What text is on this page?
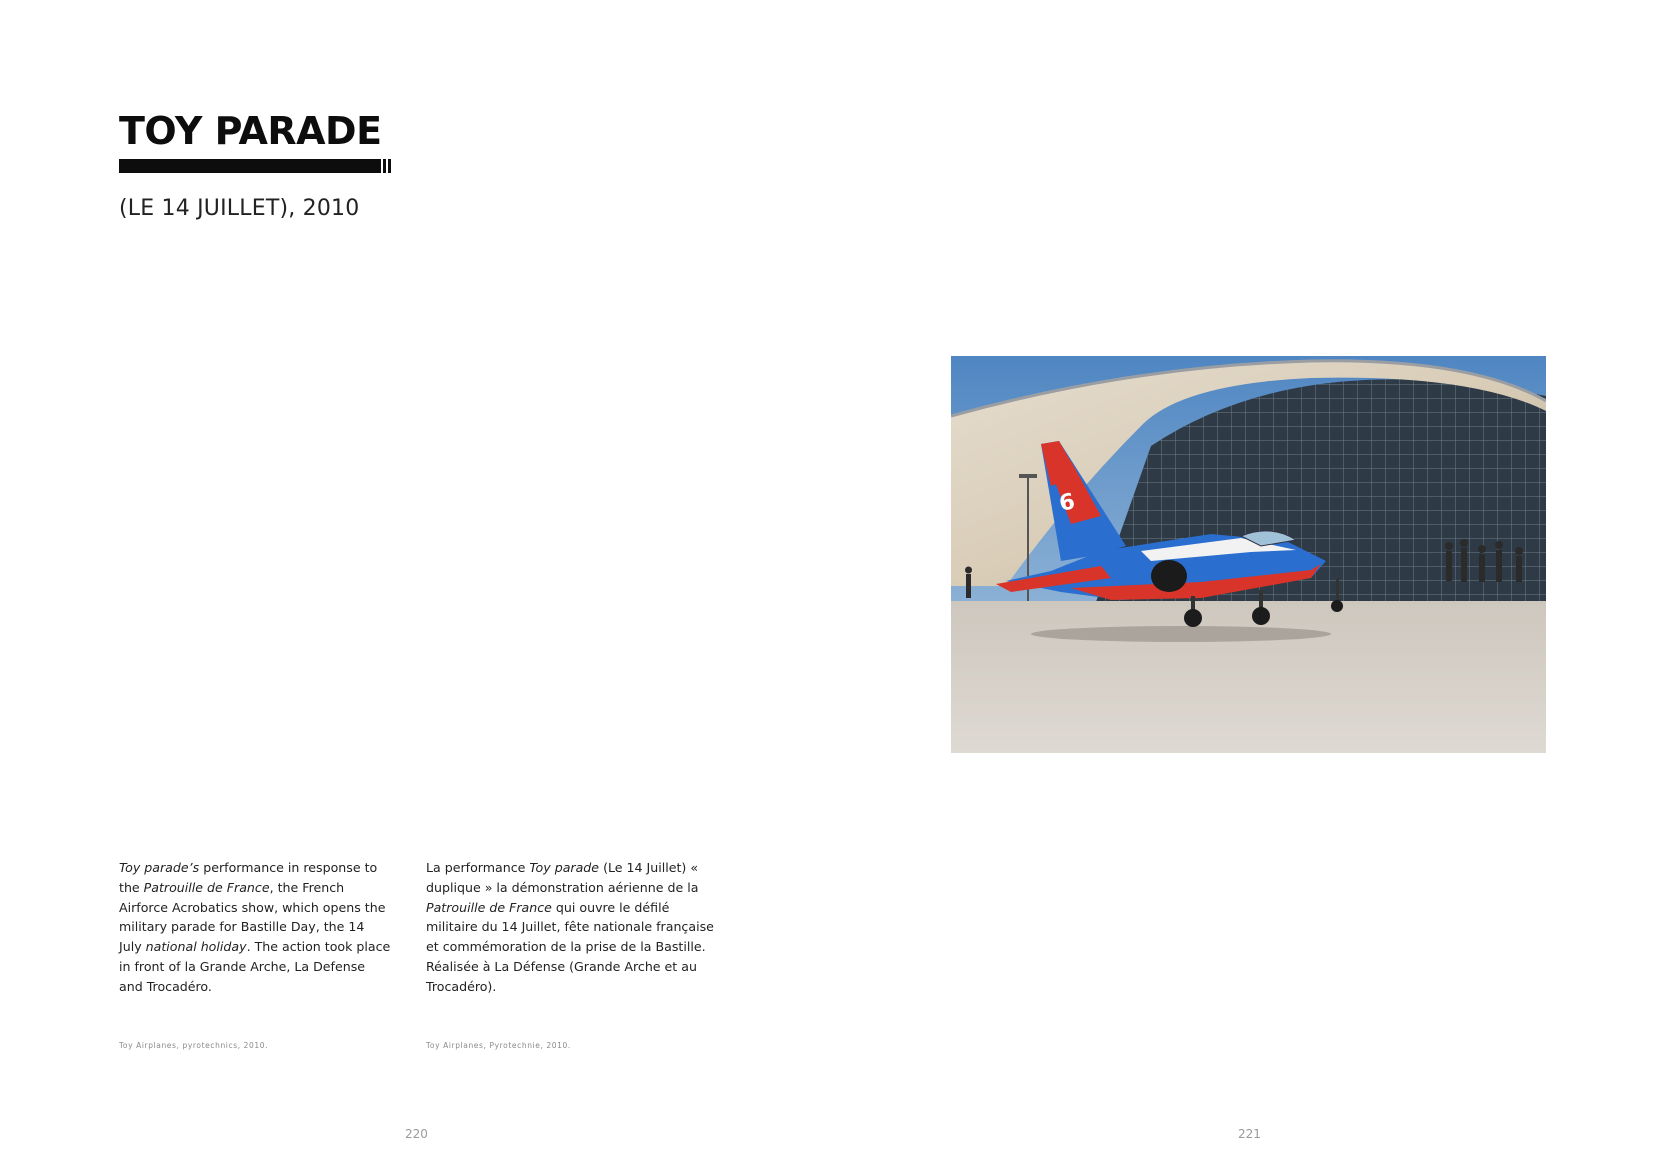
TOY PARADE
(LE 14 JUILLET), 2010

Toy parade’s performance in response to the Patrouille de France, the French Airforce Acrobatics show, which opens the military parade for Bastille Day, the 14 July national holiday. The action took place in front of la Grande Arche, La Defense and Trocadéro.

La performance Toy parade (Le 14 Juillet) « duplique » la démonstration aérienne de la Patrouille de France qui ouvre le défilé militaire du 14 Juillet, fête nationale française et commémoration de la prise de la Bastille. Réalisée à La Défense (Grande Arche et au Trocadéro).

Toy Airplanes, pyrotechnics, 2010.	Toy Airplanes, Pyrotechnie, 2010.
220
6
221
